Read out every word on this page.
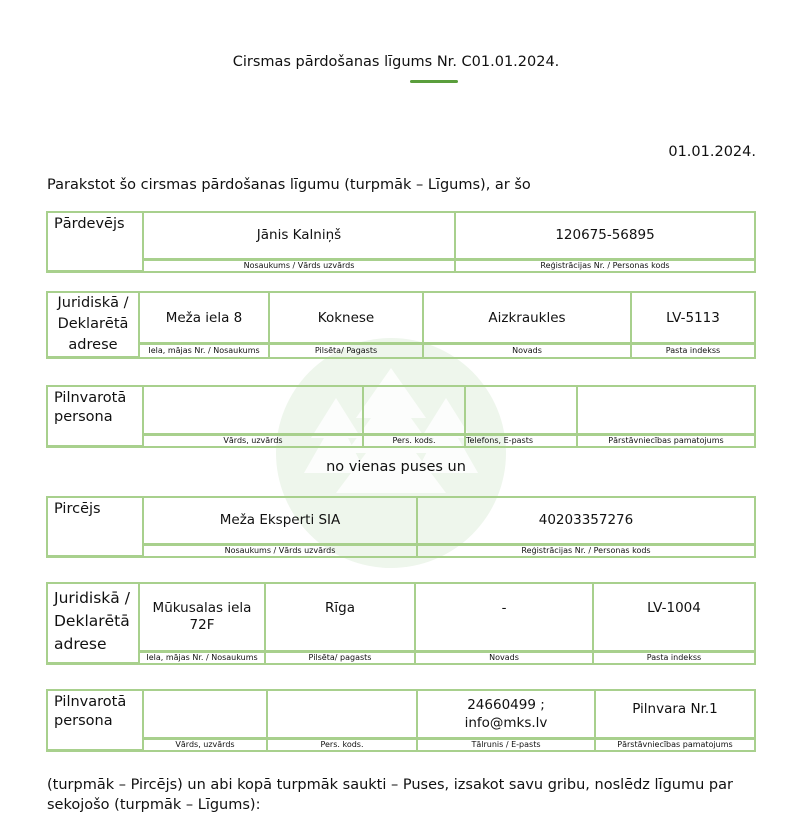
Cirsmas pārdošanas līgums Nr. C01.01.2024.
01.01.2024.
Parakstot šo cirsmas pārdošanas līgumu (turpmāk – Līgums), ar šo
Pārdevējs	Jānis Kalniņš	120675-56895
	Nosaukums / Vārds uzvārds	Reģistrācijas Nr. / Personas kods
Juridiskā / Deklarētā adrese	Meža iela 8	Koknese	Aizkraukles	LV-5113
	Iela, mājas Nr. / Nosaukums	Pilsēta/ Pagasts	Novads	Pasta indekss
Pilnvarotā persona				
	Vārds, uzvārds	Pers. kods.	Telefons, E-pasts	Pārstāvniecības pamatojums
no vienas puses un
Pircējs	Meža Eksperti SIA	40203357276
	Nosaukums / Vārds uzvārds	Reģistrācijas Nr. / Personas kods
Juridiskā / Deklarētā adrese	Mūkusalas iela 72F	Rīga	-	LV-1004
	Iela, mājas Nr. / Nosaukums	Pilsēta/ pagasts	Novads	Pasta indekss
Pilnvarotā persona			24660499 ; info@mks.lv	Pilnvara Nr.1
	Vārds, uzvārds	Pers. kods.	Tālrunis / E-pasts	Pārstāvniecības pamatojums
(turpmāk – Pircējs) un abi kopā turpmāk saukti – Puses, izsakot savu gribu, noslēdz līgumu par
sekojošo (turpmāk – Līgums):
